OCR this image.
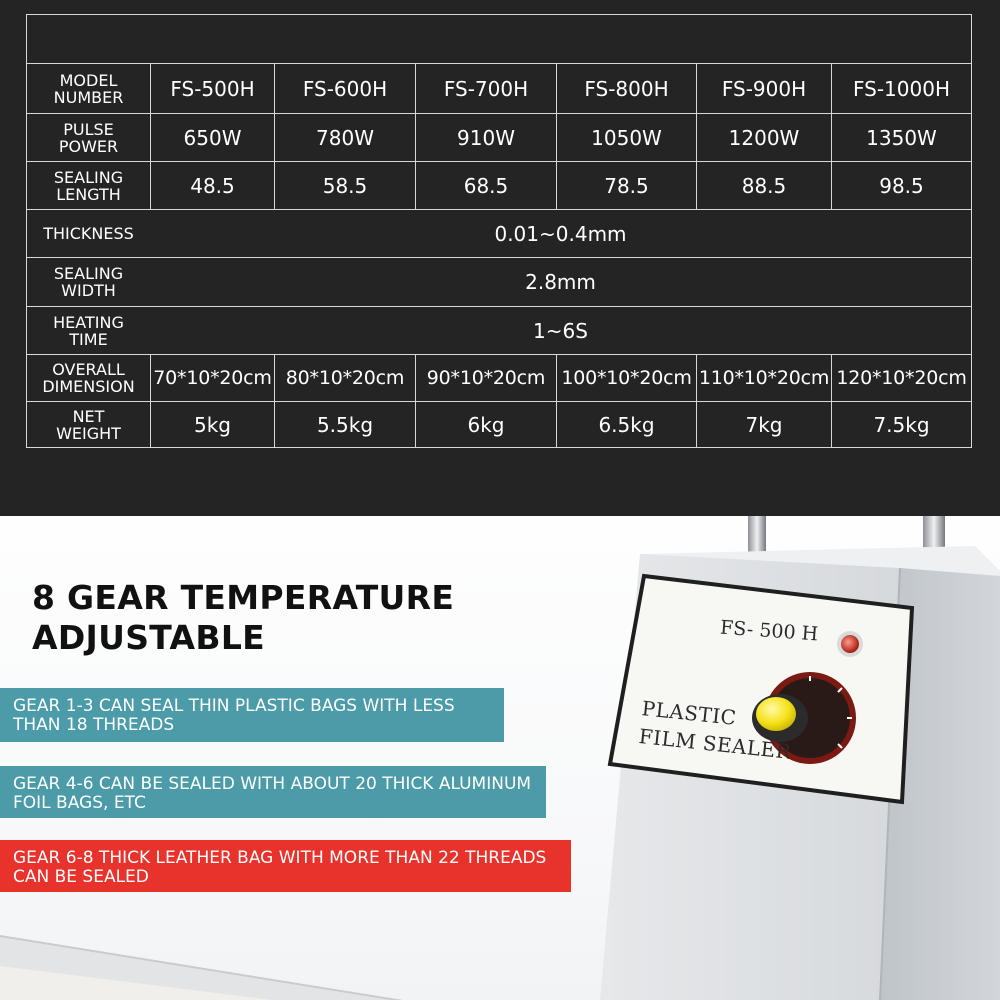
MODEL
NUMBER	FS-500H	FS-600H	FS-700H	FS-800H	FS-900H	FS-1000H
PULSE
POWER	650W	780W	910W	1050W	1200W	1350W
SEALING
LENGTH	48.5	58.5	68.5	78.5	88.5	98.5
THICKNESS	0.01~0.4mm
SEALING
WIDTH	2.8mm
HEATING
TIME	1~6S
OVERALL
DIMENSION 70*10*20cm 80*10*20cm	90*10*20cm 100*10*20cm 110*10*20cm 120*10*20cm
NET
WEIGHT	5kg	5.5kg	6kg	6.5kg	7kg	7.5kg
FS- 500 H
PLASTIC
FILM SEALER
8 GEAR TEMPERATURE
ADJUSTABLE
GEAR 1-3 CAN SEAL THIN PLASTIC BAGS WITH LESS
THAN 18 THREADS
GEAR 4-6 CAN BE SEALED WITH ABOUT 20 THICK ALUMINUM
FOIL BAGS, ETC
GEAR 6-8 THICK LEATHER BAG WITH MORE THAN 22 THREADS
CAN BE SEALED
